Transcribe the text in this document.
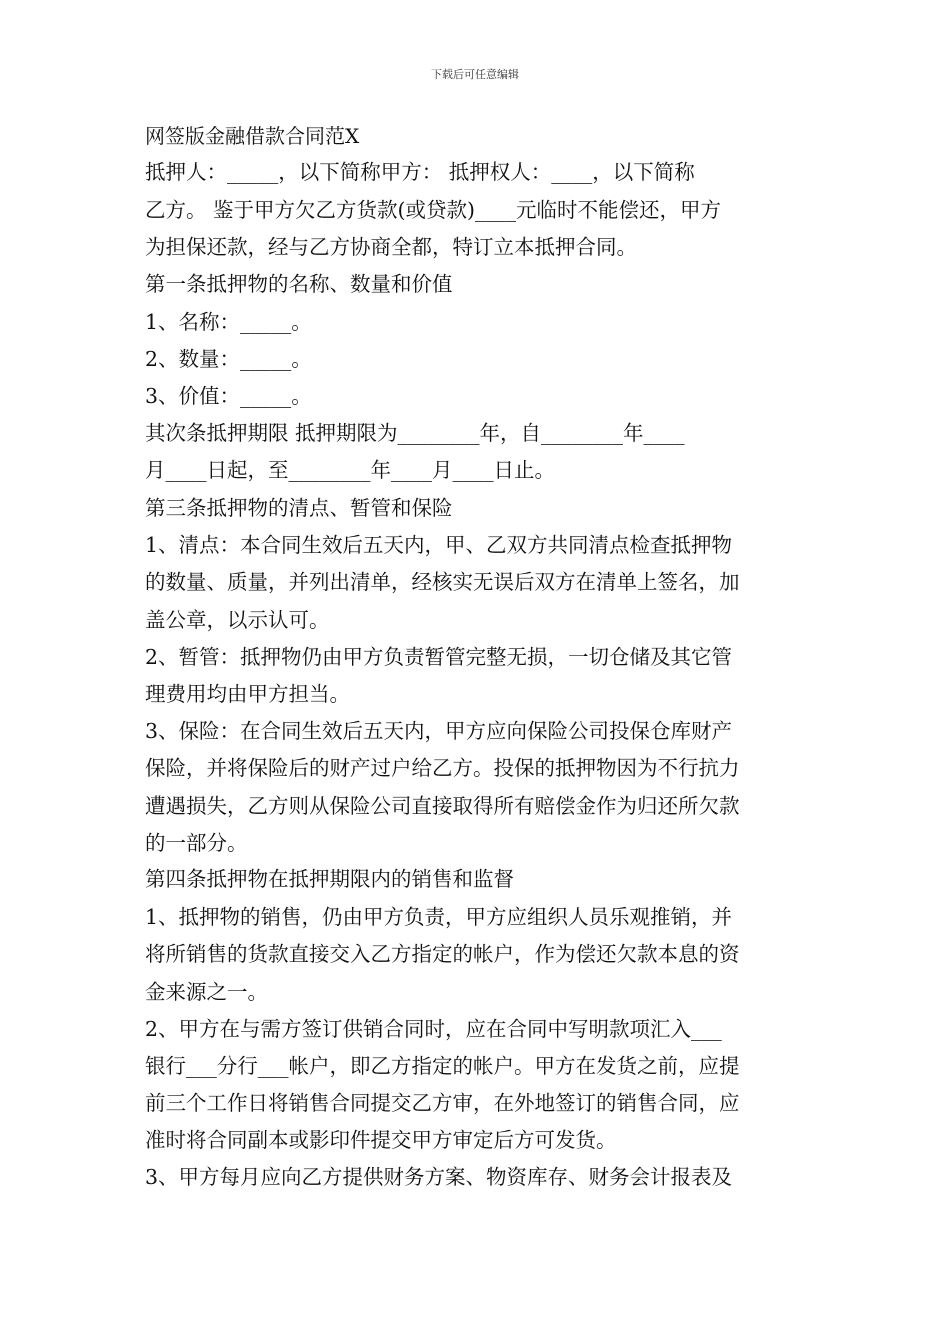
下载后可任意编辑
网签版金融借款合同范X
抵押人：_____，以下简称甲方： 抵押权人：____，以下简称
乙方。 鉴于甲方欠乙方货款(或贷款)____元临时不能偿还，甲方
为担保还款，经与乙方协商全都，特订立本抵押合同。
第一条抵押物的名称、数量和价值
1、名称：_____。
2、数量：_____。
3、价值：_____。
其次条抵押期限 抵押期限为________年，自________年____
月____日起，至________年____月____日止。
第三条抵押物的清点、暂管和保险
1、清点：本合同生效后五天内，甲、乙双方共同清点检查抵押物
的数量、质量，并列出清单，经核实无误后双方在清单上签名，加
盖公章，以示认可。
2、暂管：抵押物仍由甲方负责暂管完整无损，一切仓储及其它管
理费用均由甲方担当。
3、保险：在合同生效后五天内，甲方应向保险公司投保仓库财产
保险，并将保险后的财产过户给乙方。投保的抵押物因为不行抗力
遭遇损失，乙方则从保险公司直接取得所有赔偿金作为归还所欠款
的一部分。
第四条抵押物在抵押期限内的销售和监督
1、抵押物的销售，仍由甲方负责，甲方应组织人员乐观推销，并
将所销售的货款直接交入乙方指定的帐户，作为偿还欠款本息的资
金来源之一。
2、甲方在与需方签订供销合同时，应在合同中写明款项汇入___
银行___分行___帐户，即乙方指定的帐户。甲方在发货之前，应提
前三个工作日将销售合同提交乙方审，在外地签订的销售合同，应
准时将合同副本或影印件提交甲方审定后方可发货。
3、甲方每月应向乙方提供财务方案、物资库存、财务会计报表及
